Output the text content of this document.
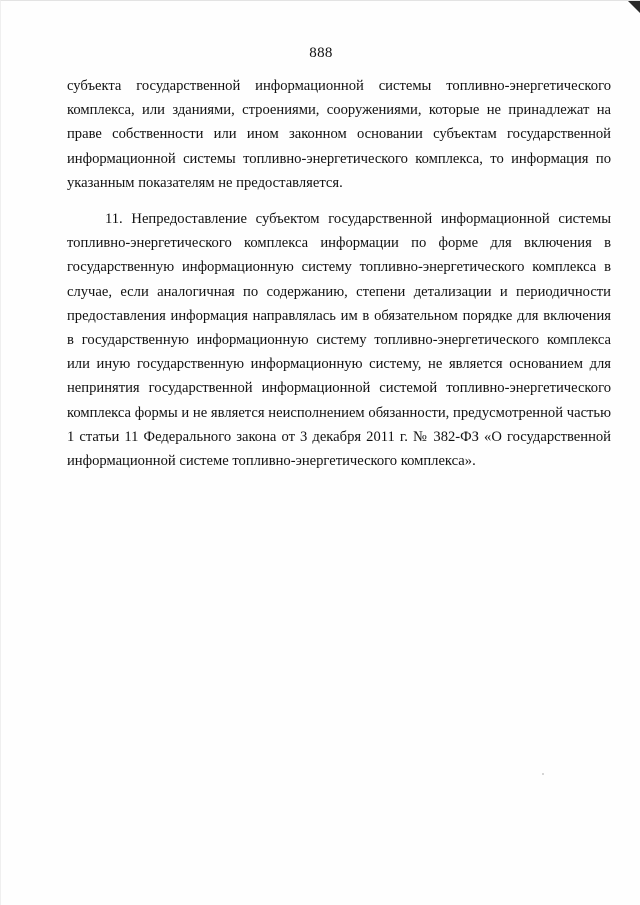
888

субъекта государственной информационной системы топливно-энергетического комплекса, или зданиями, строениями, сооружениями, которые не принадлежат на праве собственности или ином законном основании субъектам государственной информационной системы топливно-энергетического комплекса, то информация по указанным показателям не предоставляется.

11. Непредоставление субъектом государственной информационной системы топливно-энергетического комплекса информации по форме для включения в государственную информационную систему топливно-энергетического комплекса в случае, если аналогичная по содержанию, степени детализации и периодичности предоставления информация направлялась им в обязательном порядке для включения в государственную информационную систему топливно-энергетического комплекса или иную государственную информационную систему, не является основанием для непринятия государственной информационной системой топливно-энергетического комплекса формы и не является неисполнением обязанности, предусмотренной частью 1 статьи 11 Федерального закона от 3 декабря 2011 г. № 382-ФЗ «О государственной информационной системе топливно-энергетического комплекса».
